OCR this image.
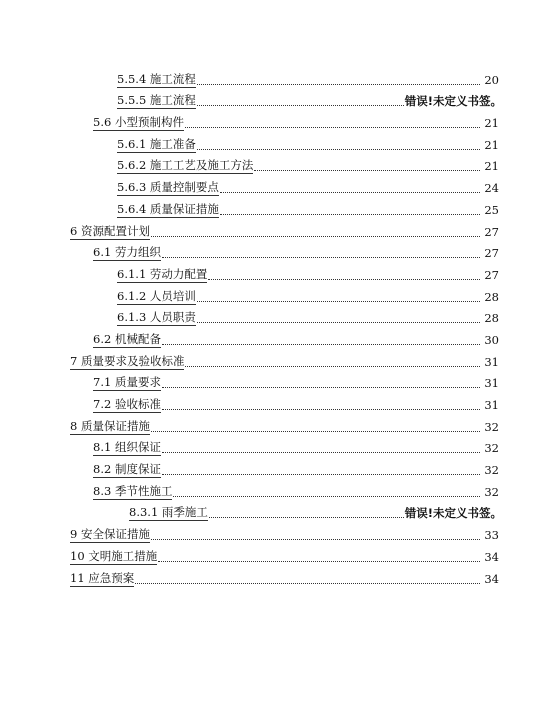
5.5.4 施工流程	20
5.5.5 施工流程	错误!未定义书签。
5.6 小型预制构件	21
5.6.1 施工准备	21
5.6.2 施工工艺及施工方法	21
5.6.3 质量控制要点	24
5.6.4 质量保证措施	25
6 资源配置计划	27
6.1 劳力组织	27
6.1.1 劳动力配置	27
6.1.2 人员培训	28
6.1.3 人员职责	28
6.2 机械配备	30
7 质量要求及验收标准	31
7.1 质量要求	31
7.2 验收标准	31
8 质量保证措施	32
8.1 组织保证	32
8.2 制度保证	32
8.3 季节性施工	32
8.3.1 雨季施工	错误!未定义书签。
9 安全保证措施	33
10 文明施工措施	34
11 应急预案	34
